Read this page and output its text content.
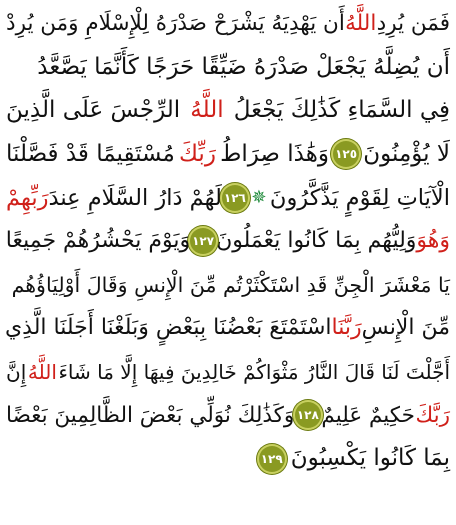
فَمَن يُرِدِ
اللَّهُ
أَن يَهْدِيَهُ يَشْرَحْ صَدْرَهُ لِلْإِسْلَامِ وَمَن يُرِدْ
أَن يُضِلَّهُ يَجْعَلْ صَدْرَهُ ضَيِّقًا حَرَجًا كَأَنَّمَا يَصَّعَّدُ
فِي السَّمَاءِ كَذَٰلِكَ يَجْعَلُ
اللَّهُ
الرِّجْسَ عَلَى الَّذِينَ
لَا يُؤْمِنُونَ
١٢٥
وَهَٰذَا صِرَاطُ
رَبِّكَ
مُسْتَقِيمًا قَدْ فَصَّلْنَا
الْآيَاتِ لِقَوْمٍ يَذَّكَّرُونَ
✵
١٢٦
لَهُمْ دَارُ السَّلَامِ عِندَ
رَبِّهِمْ
وَهُوَ
وَلِيُّهُم بِمَا كَانُوا يَعْمَلُونَ
١٢٧
وَيَوْمَ يَحْشُرُهُمْ جَمِيعًا
يَا مَعْشَرَ الْجِنِّ قَدِ اسْتَكْثَرْتُم مِّنَ الْإِنسِ وَقَالَ أَوْلِيَاؤُهُم
مِّنَ الْإِنسِ
رَبَّنَا
اسْتَمْتَعَ بَعْضُنَا بِبَعْضٍ وَبَلَغْنَا أَجَلَنَا الَّذِي
أَجَّلْتَ لَنَا قَالَ النَّارُ مَثْوَاكُمْ خَالِدِينَ فِيهَا إِلَّا مَا شَاءَ
اللَّهُ
إِنَّ
رَبَّكَ
حَكِيمٌ عَلِيمٌ
١٢٨
وَكَذَٰلِكَ نُوَلِّي بَعْضَ الظَّالِمِينَ بَعْضًا
بِمَا كَانُوا يَكْسِبُونَ
١٢٩
